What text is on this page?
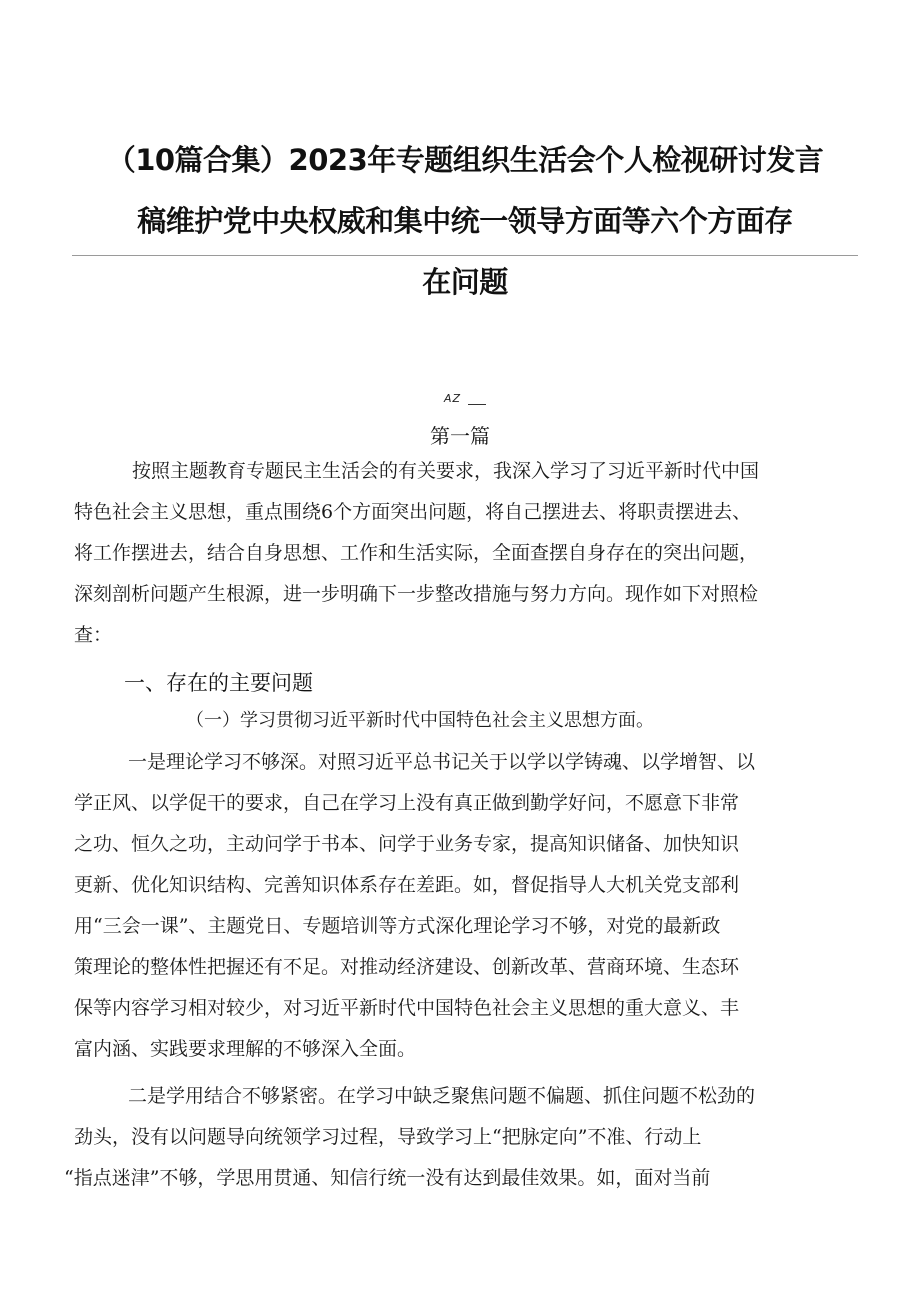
（10篇合集）2023年专题组织生活会个人检视研讨发言
稿维护党中央权威和集中统一领导方面等六个方面存
在问题
AZ
第一篇
按照主题教育专题民主生活会的有关要求，我深入学习了习近平新时代中国
特色社会主义思想，重点围绕6个方面突出问题，将自己摆进去、将职责摆进去、
将工作摆进去，结合自身思想、工作和生活实际，全面查摆自身存在的突出问题，
深刻剖析问题产生根源，进一步明确下一步整改措施与努力方向。现作如下对照检
查：
一、存在的主要问题
（一）学习贯彻习近平新时代中国特色社会主义思想方面。
一是理论学习不够深。对照习近平总书记关于以学以学铸魂、以学增智、以
学正风、以学促干的要求，自己在学习上没有真正做到勤学好问，不愿意下非常
之功、恒久之功，主动问学于书本、问学于业务专家，提高知识储备、加快知识
更新、优化知识结构、完善知识体系存在差距。如，督促指导人大机关党支部利
用“三会一课”、主题党日、专题培训等方式深化理论学习不够，对党的最新政
策理论的整体性把握还有不足。对推动经济建设、创新改革、营商环境、生态环
保等内容学习相对较少，对习近平新时代中国特色社会主义思想的重大意义、丰
富内涵、实践要求理解的不够深入全面。
二是学用结合不够紧密。在学习中缺乏聚焦问题不偏题、抓住问题不松劲的
劲头，没有以问题导向统领学习过程，导致学习上“把脉定向”不准、行动上
“指点迷津”不够，学思用贯通、知信行统一没有达到最佳效果。如，面对当前
